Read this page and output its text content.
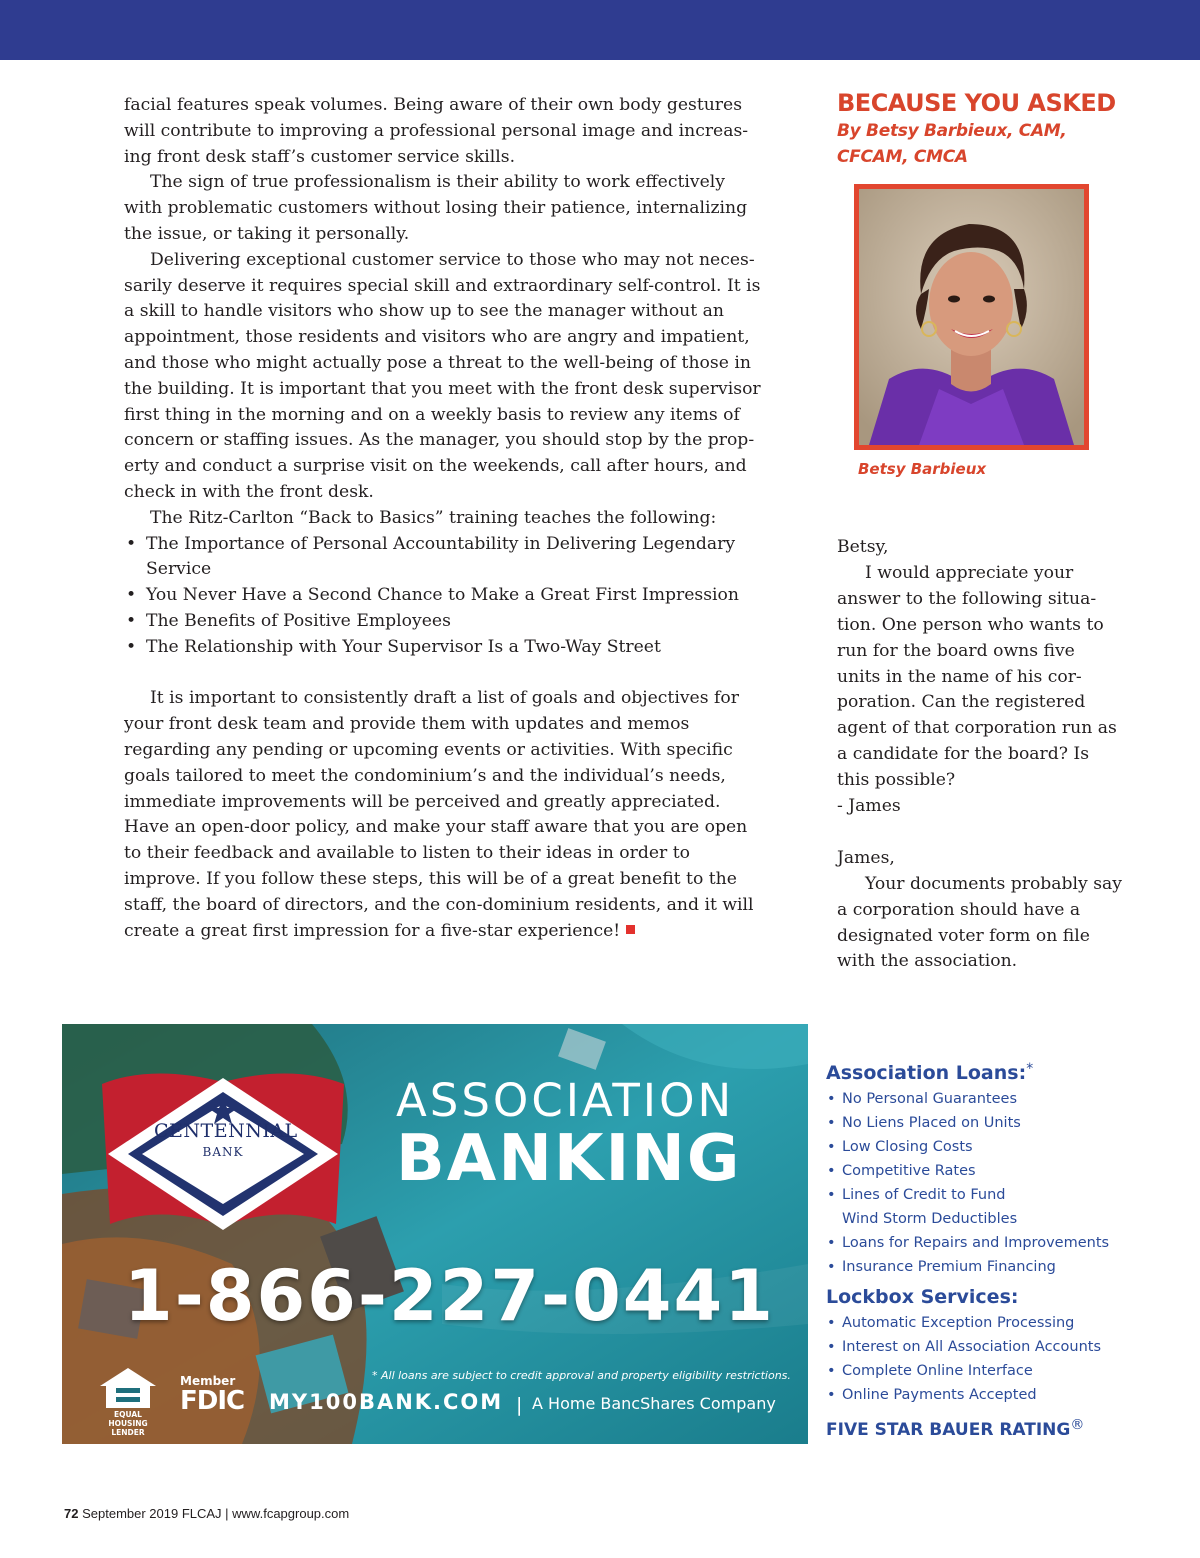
facial features speak volumes. Being aware of their own body gestures will contribute to improving a professional personal image and increas-ing front desk staff’s customer service skills.

The sign of true professionalism is their ability to work effectively with problematic customers without losing their patience, internalizing the issue, or taking it personally.

Delivering exceptional customer service to those who may not neces-sarily deserve it requires special skill and extraordinary self-control. It is a skill to handle visitors who show up to see the manager without an appointment, those residents and visitors who are angry and impatient, and those who might actually pose a threat to the well-being of those in the building. It is important that you meet with the front desk supervisor first thing in the morning and on a weekly basis to review any items of concern or staffing issues. As the manager, you should stop by the prop-erty and conduct a surprise visit on the weekends, call after hours, and check in with the front desk.

The Ritz-Carlton “Back to Basics” training teaches the following:

• The Importance of Personal Accountability in Delivering Legendary Service
• You Never Have a Second Chance to Make a Great First Impression
• The Benefits of Positive Employees
• The Relationship with Your Supervisor Is a Two-Way Street

It is important to consistently draft a list of goals and objectives for your front desk team and provide them with updates and memos regarding any pending or upcoming events or activities. With specific goals tailored to meet the condominium’s and the individual’s needs, immediate improvements will be perceived and greatly appreciated. Have an open-door policy, and make your staff aware that you are open to their feedback and available to listen to their ideas in order to improve. If you follow these steps, this will be of a great benefit to the staff, the board of directors, and the con-dominium residents, and it will create a great first impression for a five-star experience!

BECAUSE YOU ASKED
By Betsy Barbieux, CAM,
CFCAM, CMCA
Betsy Barbieux

Betsy,

I would appreciate your answer to the following situa-tion. One person who wants to run for the board owns five units in the name of his cor-poration. Can the registered agent of that corporation run as a candidate for the board? Is this possible?

- James

James,

Your documents probably say a corporation should have a designated voter form on file with the association.

CENTENNIAL
BANK
ASSOCIATION
BANKING
1-866-227-0441
* All loans are subject to credit approval and property eligibility restrictions.
EQUAL HOUSING LENDER
Member
FDIC MY100BANK.COM | A Home BancShares Company
Association Loans:*
• No Personal Guarantees
• No Liens Placed on Units
• Low Closing Costs
• Competitive Rates
• Lines of Credit to Fund Wind Storm Deductibles
• Loans for Repairs and Improvements
• Insurance Premium Financing
Lockbox Services:
• Automatic Exception Processing
• Interest on All Association Accounts
• Complete Online Interface
• Online Payments Accepted
FIVE STAR BAUER RATING®
72 September 2019 FLCAJ | www.fcapgroup.com
